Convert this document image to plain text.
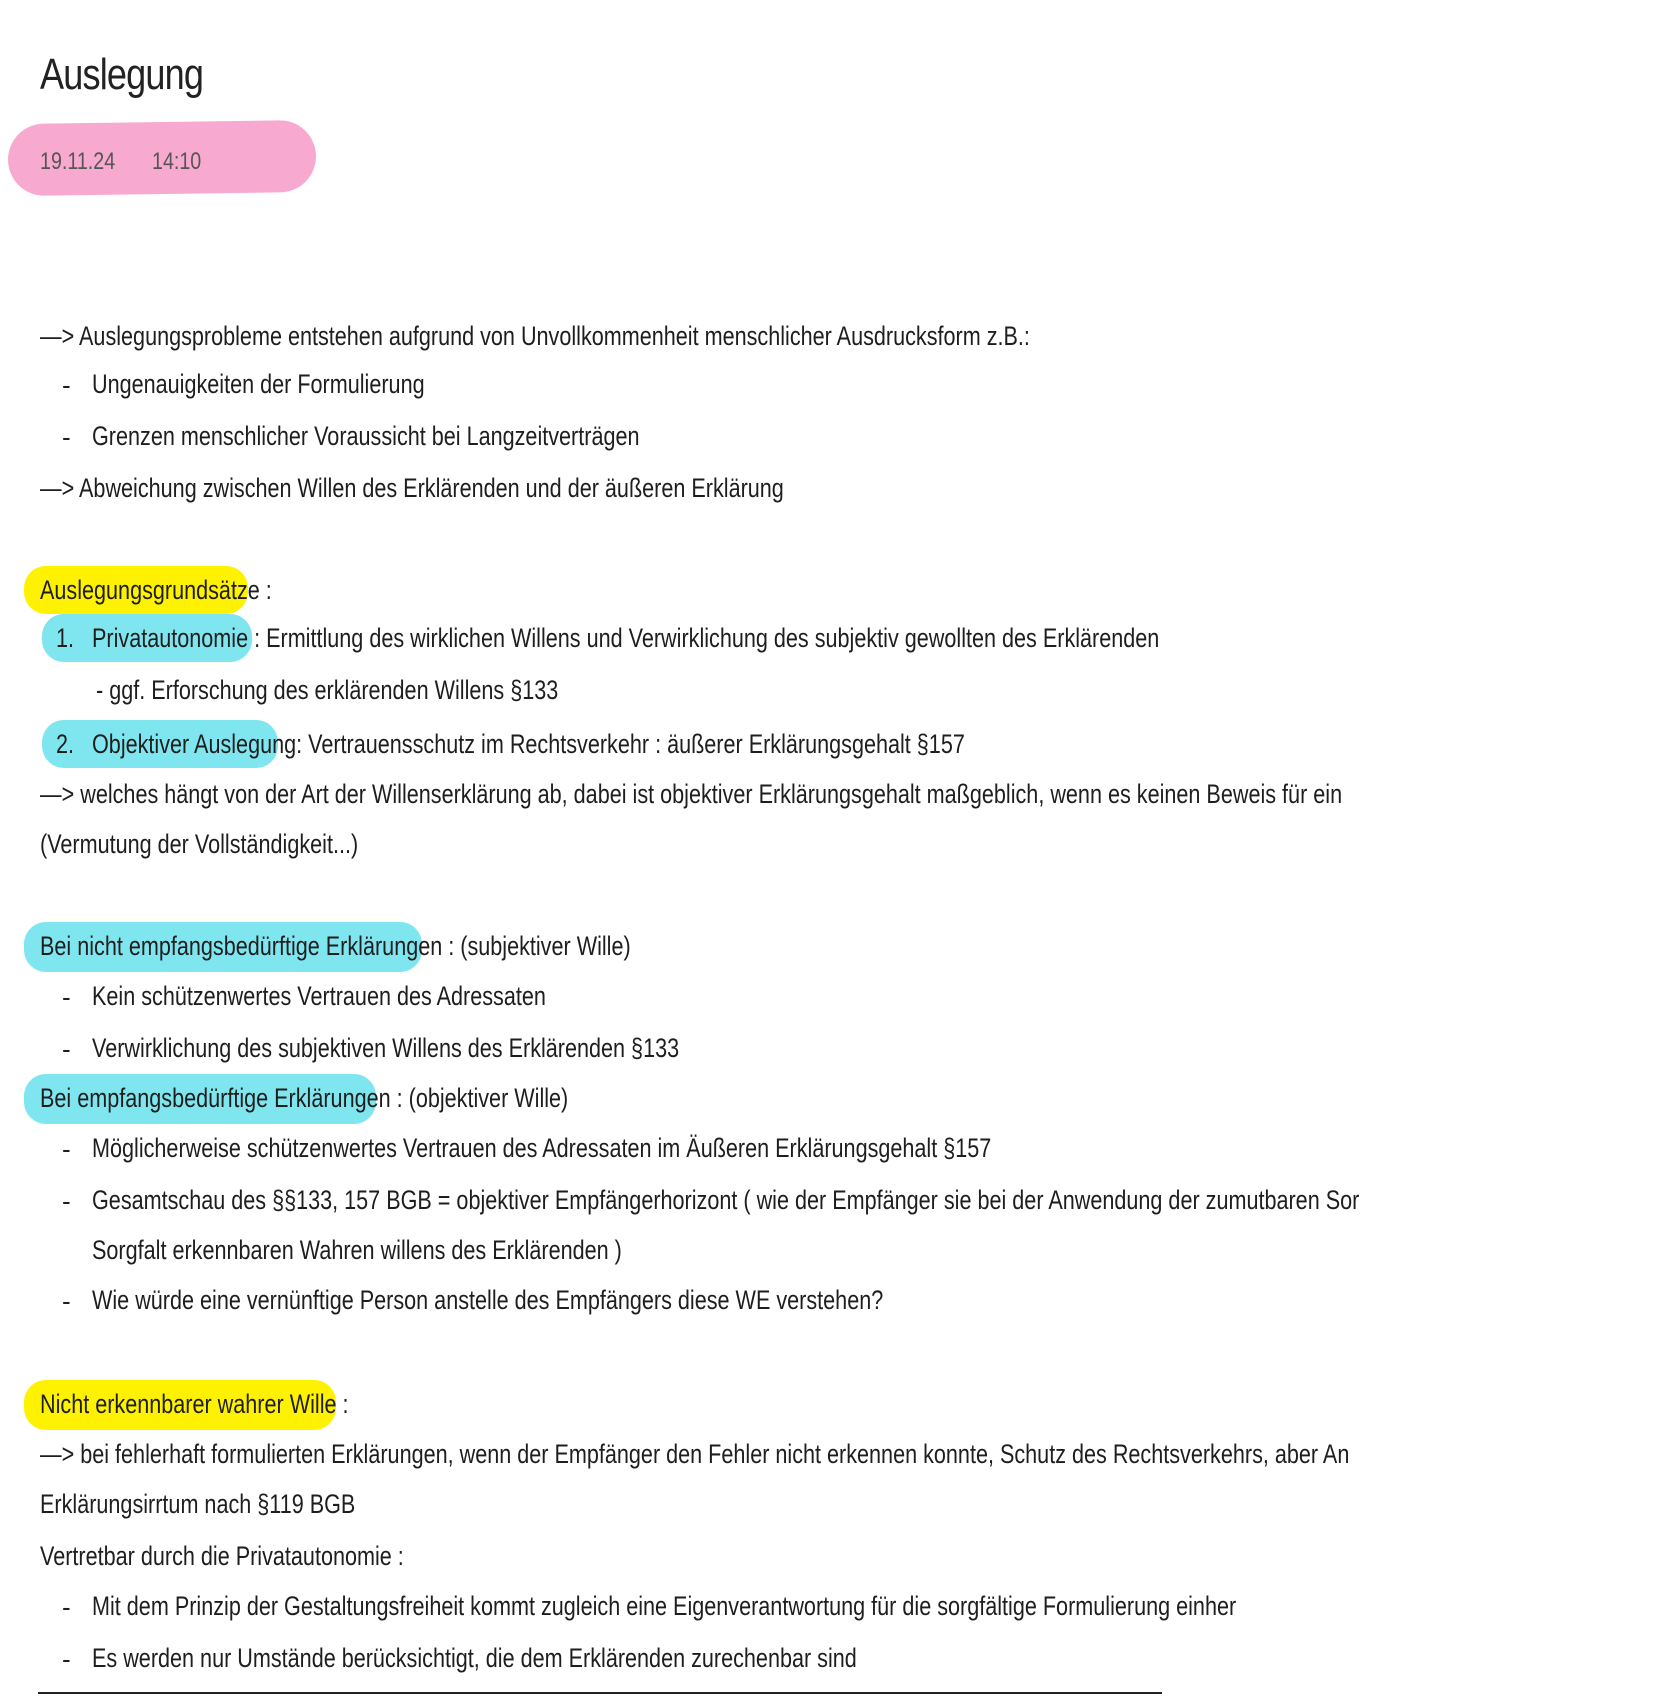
Auslegung
19.11.24 14:10
—> Auslegungsprobleme entstehen aufgrund von Unvollkommenheit menschlicher Ausdrucksform z.B.:
- Ungenauigkeiten der Formulierung
- Grenzen menschlicher Voraussicht bei Langzeitverträgen
—> Abweichung zwischen Willen des Erklärenden und der äußeren Erklärung
Auslegungsgrundsätze :
1. Privatautonomie : Ermittlung des wirklichen Willens und Verwirklichung des subjektiv gewollten des Erklärenden
- ggf. Erforschung des erklärenden Willens §133
2. Objektiver Auslegung: Vertrauensschutz im Rechtsverkehr : äußerer Erklärungsgehalt §157
—> welches hängt von der Art der Willenserklärung ab, dabei ist objektiver Erklärungsgehalt maßgeblich, wenn es keinen Beweis für ein
(Vermutung der Vollständigkeit...)
Bei nicht empfangsbedürftige Erklärungen : (subjektiver Wille)
- Kein schützenwertes Vertrauen des Adressaten
- Verwirklichung des subjektiven Willens des Erklärenden §133
Bei empfangsbedürftige Erklärungen : (objektiver Wille)
- Möglicherweise schützenwertes Vertrauen des Adressaten im Äußeren Erklärungsgehalt §157
- Gesamtschau des §§133, 157 BGB = objektiver Empfängerhorizont ( wie der Empfänger sie bei der Anwendung der zumutbaren Sor
Sorgfalt erkennbaren Wahren willens des Erklärenden )
- Wie würde eine vernünftige Person anstelle des Empfängers diese WE verstehen?
Nicht erkennbarer wahrer Wille :
—> bei fehlerhaft formulierten Erklärungen, wenn der Empfänger den Fehler nicht erkennen konnte, Schutz des Rechtsverkehrs, aber An
Erklärungsirrtum nach §119 BGB
Vertretbar durch die Privatautonomie :
- Mit dem Prinzip der Gestaltungsfreiheit kommt zugleich eine Eigenverantwortung für die sorgfältige Formulierung einher
- Es werden nur Umstände berücksichtigt, die dem Erklärenden zurechenbar sind
